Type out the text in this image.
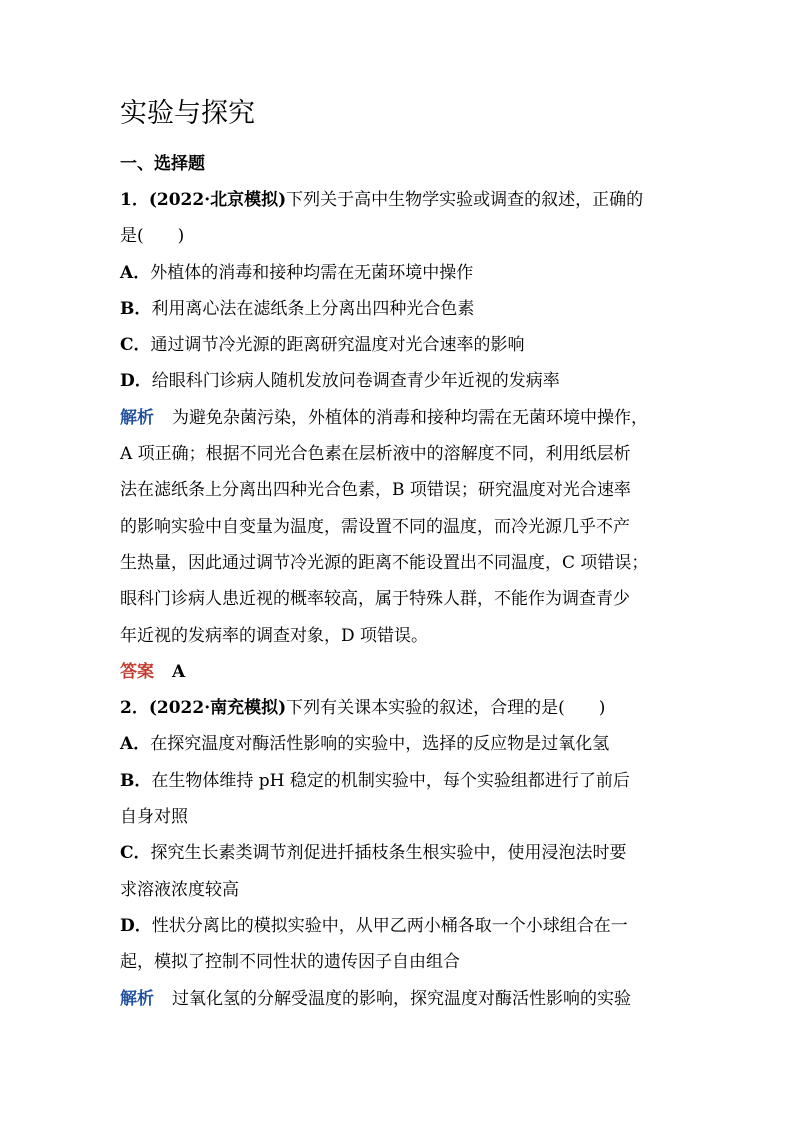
实验与探究

一、选择题

1．(2022·北京模拟)下列关于高中生物学实验或调查的叙述，正确的

是(　　)

A．外植体的消毒和接种均需在无菌环境中操作

B．利用离心法在滤纸条上分离出四种光合色素

C．通过调节冷光源的距离研究温度对光合速率的影响

D．给眼科门诊病人随机发放问卷调查青少年近视的发病率

解析 为避免杂菌污染，外植体的消毒和接种均需在无菌环境中操作，

A 项正确；根据不同光合色素在层析液中的溶解度不同，利用纸层析

法在滤纸条上分离出四种光合色素，B 项错误；研究温度对光合速率

的影响实验中自变量为温度，需设置不同的温度，而冷光源几乎不产

生热量，因此通过调节冷光源的距离不能设置出不同温度，C 项错误；

眼科门诊病人患近视的概率较高，属于特殊人群，不能作为调查青少

年近视的发病率的调查对象，D 项错误。

答案 A

2．(2022·南充模拟)下列有关课本实验的叙述，合理的是(　　)

A．在探究温度对酶活性影响的实验中，选择的反应物是过氧化氢

B．在生物体维持 pH 稳定的机制实验中，每个实验组都进行了前后

自身对照

C．探究生长素类调节剂促进扦插枝条生根实验中，使用浸泡法时要

求溶液浓度较高

D．性状分离比的模拟实验中，从甲乙两小桶各取一个小球组合在一

起，模拟了控制不同性状的遗传因子自由组合

解析 过氧化氢的分解受温度的影响，探究温度对酶活性影响的实验
